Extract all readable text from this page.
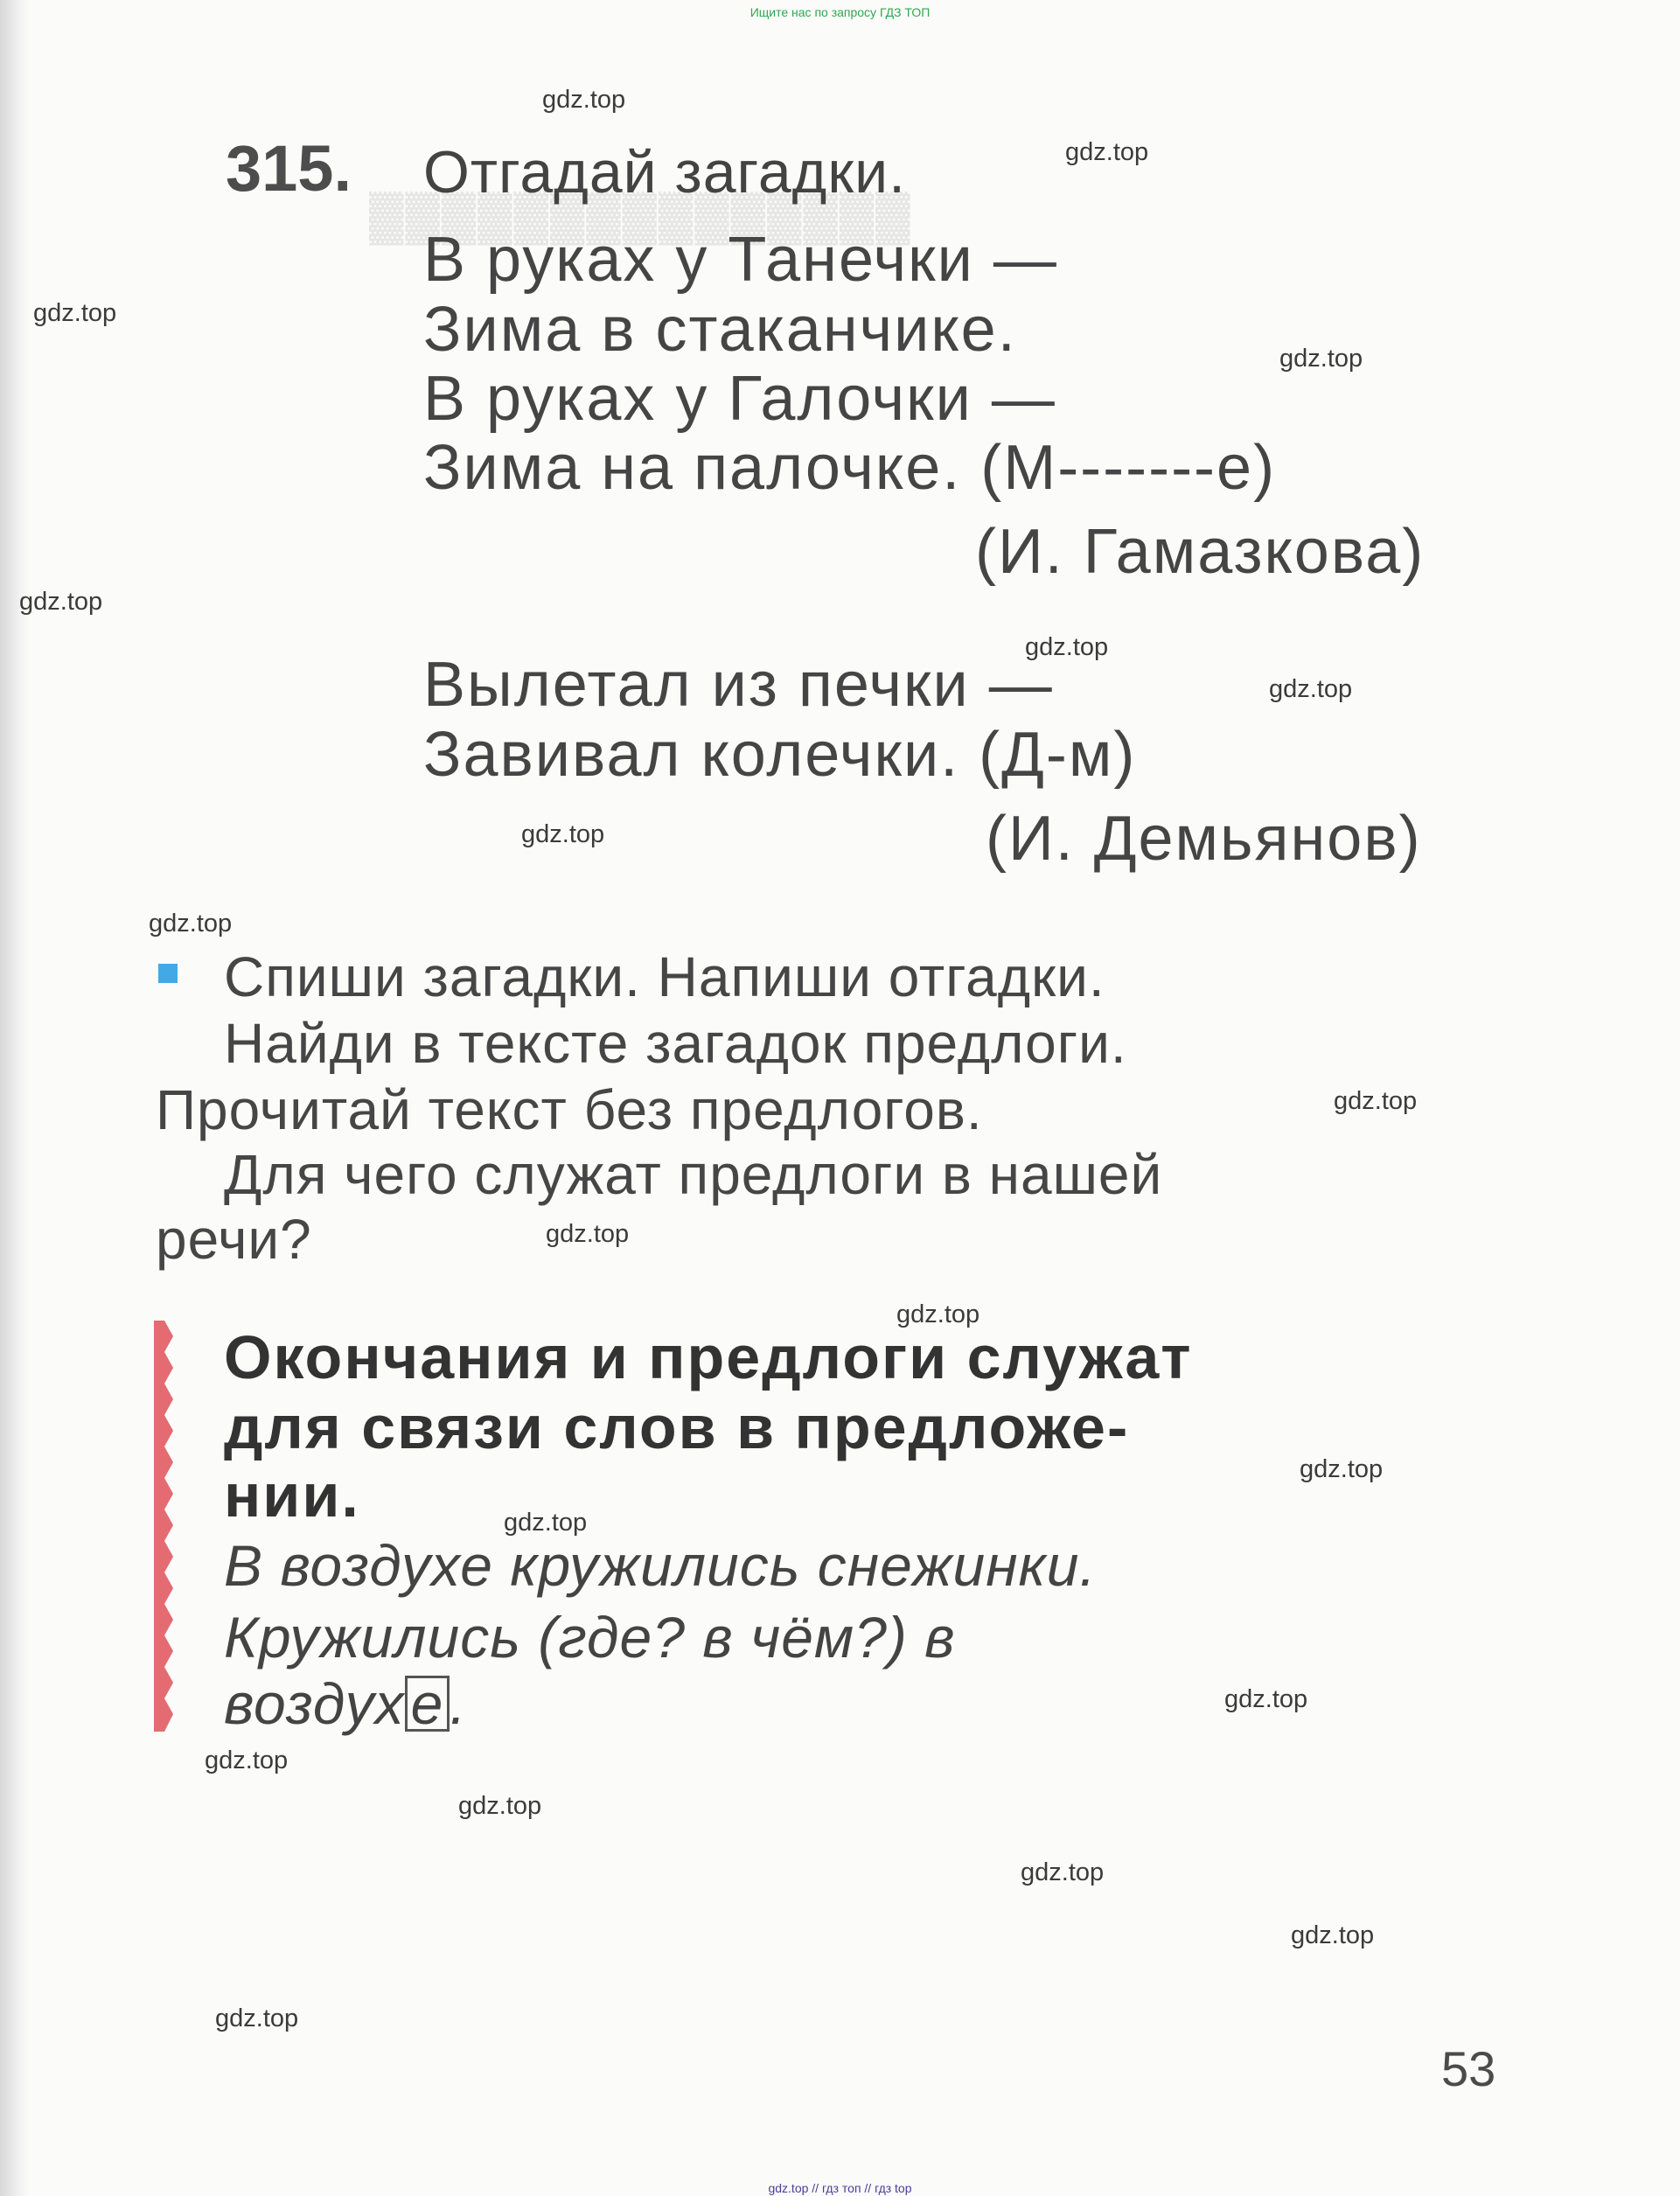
▓▓▓▓▓▓▓▓▓▓▓▓▓▓▓
Ищите нас по запросу ГДЗ ТОП
gdz.top
gdz.top
gdz.top
gdz.top
gdz.top
gdz.top
gdz.top
gdz.top
gdz.top
gdz.top
gdz.top
gdz.top
gdz.top
gdz.top
gdz.top
gdz.top
gdz.top
gdz.top
gdz.top
gdz.top
315. Отгадай загадки.
В руках у Танечки —
Зима в стаканчике.
В руках у Галочки —
Зима на палочке. (М-------е)
(И. Гамазкова)
Вылетал из печки —
Завивал колечки. (Д-м)
(И. Демьянов)
Спиши загадки. Напиши отгадки.
Найди в тексте загадок предлоги.
Прочитай текст без предлогов.
Для чего служат предлоги в нашей
речи?
Окончания и предлоги служат
для связи слов в предложе-
нии.
В воздухе кружились снежинки.
Кружились (где? в чём?) в
воздух е .
53
gdz.top // гдз топ // гдз top
